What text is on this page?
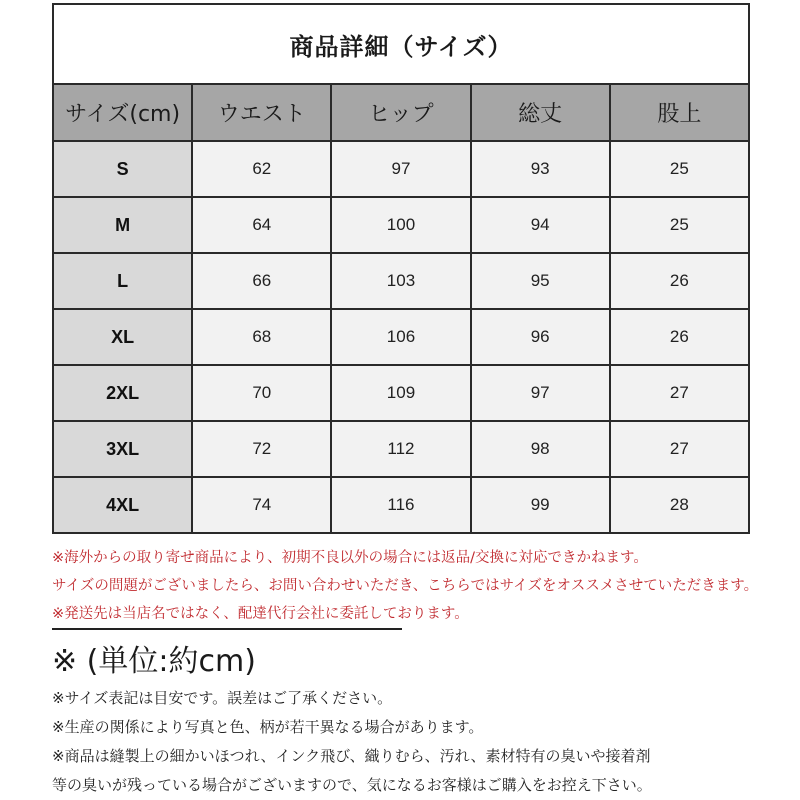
商品詳細（サイズ）				
サイズ(cm)	ウエスト	ヒップ	総丈	股上
S	62	97	93	25
M	64	100	94	25
L	66	103	95	26
XL	68	106	96	26
2XL	70	109	97	27
3XL	72	112	98	27
4XL	74	116	99	28
※海外からの取り寄せ商品により、初期不良以外の場合には返品/交換に対応できかねます。
サイズの問題がございましたら、お問い合わせいただき、こちらではサイズをオススメさせていただきます。
※発送先は当店名ではなく、配達代行会社に委託しております。
※ (単位:約cm)
※サイズ表記は目安です。誤差はご了承ください。
※生産の関係により写真と色、柄が若干異なる場合があります。
※商品は縫製上の細かいほつれ、インク飛び、織りむら、汚れ、素材特有の臭いや接着剤
等の臭いが残っている場合がございますので、気になるお客様はご購入をお控え下さい。
